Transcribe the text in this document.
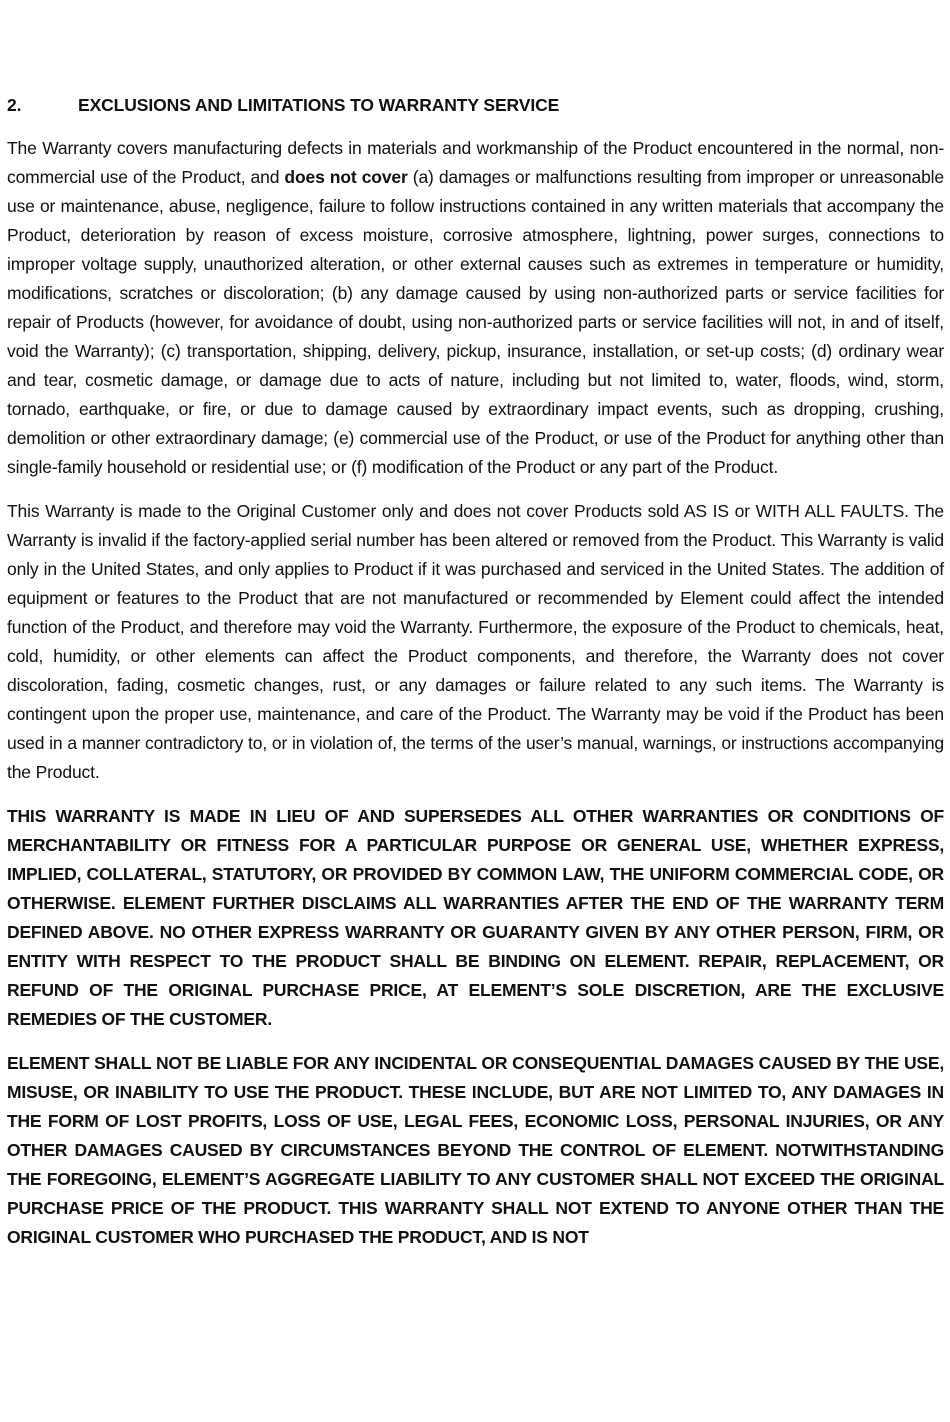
2.	EXCLUSIONS AND LIMITATIONS TO WARRANTY SERVICE

The Warranty covers manufacturing defects in materials and workmanship of the Product encountered in the normal, non-commercial use of the Product, and does not cover (a) damages or malfunctions resulting from improper or unreasonable use or maintenance, abuse, negligence, failure to follow instructions contained in any written materials that accompany the Product, deterioration by reason of excess moisture, corrosive atmosphere, lightning, power surges, connections to improper voltage supply, unauthorized alteration, or other external causes such as extremes in temperature or humidity, modifications, scratches or discoloration; (b) any damage caused by using non-authorized parts or service facilities for repair of Products (however, for avoidance of doubt, using non-authorized parts or service facilities will not, in and of itself, void the Warranty); (c) transportation, shipping, delivery, pickup, insurance, installation, or set-up costs; (d) ordinary wear and tear, cosmetic damage, or damage due to acts of nature, including but not limited to, water, floods, wind, storm, tornado, earthquake, or fire, or due to damage caused by extraordinary impact events, such as dropping, crushing, demolition or other extraordinary damage; (e) commercial use of the Product, or use of the Product for anything other than single-family household or residential use; or (f) modification of the Product or any part of the Product.

This Warranty is made to the Original Customer only and does not cover Products sold AS IS or WITH ALL FAULTS. The Warranty is invalid if the factory-applied serial number has been altered or removed from the Product. This Warranty is valid only in the United States, and only applies to Product if it was purchased and serviced in the United States. The addition of equipment or features to the Product that are not manufactured or recommended by Element could affect the intended function of the Product, and therefore may void the Warranty. Furthermore, the exposure of the Product to chemicals, heat, cold, humidity, or other elements can affect the Product components, and therefore, the Warranty does not cover discoloration, fading, cosmetic changes, rust, or any damages or failure related to any such items. The Warranty is contingent upon the proper use, maintenance, and care of the Product. The Warranty may be void if the Product has been used in a manner contradictory to, or in violation of, the terms of the user’s manual, warnings, or instructions accompanying the Product.

THIS WARRANTY IS MADE IN LIEU OF AND SUPERSEDES ALL OTHER WARRANTIES OR CONDITIONS OF MERCHANTABILITY OR FITNESS FOR A PARTICULAR PURPOSE OR GENERAL USE, WHETHER EXPRESS, IMPLIED, COLLATERAL, STATUTORY, OR PROVIDED BY COMMON LAW, THE UNIFORM COMMERCIAL CODE, OR OTHERWISE. ELEMENT FURTHER DISCLAIMS ALL WARRANTIES AFTER THE END OF THE WARRANTY TERM DEFINED ABOVE. NO OTHER EXPRESS WARRANTY OR GUARANTY GIVEN BY ANY OTHER PERSON, FIRM, OR ENTITY WITH RESPECT TO THE PRODUCT SHALL BE BINDING ON ELEMENT. REPAIR, REPLACEMENT, OR REFUND OF THE ORIGINAL PURCHASE PRICE, AT ELEMENT’S SOLE DISCRETION, ARE THE EXCLUSIVE REMEDIES OF THE CUSTOMER.

ELEMENT SHALL NOT BE LIABLE FOR ANY INCIDENTAL OR CONSEQUENTIAL DAMAGES CAUSED BY THE USE, MISUSE, OR INABILITY TO USE THE PRODUCT. THESE INCLUDE, BUT ARE NOT LIMITED TO, ANY DAMAGES IN THE FORM OF LOST PROFITS, LOSS OF USE, LEGAL FEES, ECONOMIC LOSS, PERSONAL INJURIES, OR ANY OTHER DAMAGES CAUSED BY CIRCUMSTANCES BEYOND THE CONTROL OF ELEMENT. NOTWITHSTANDING THE FOREGOING, ELEMENT’S AGGREGATE LIABILITY TO ANY CUSTOMER SHALL NOT EXCEED THE ORIGINAL PURCHASE PRICE OF THE PRODUCT. THIS WARRANTY SHALL NOT EXTEND TO ANYONE OTHER THAN THE ORIGINAL CUSTOMER WHO PURCHASED THE PRODUCT, AND IS NOT
